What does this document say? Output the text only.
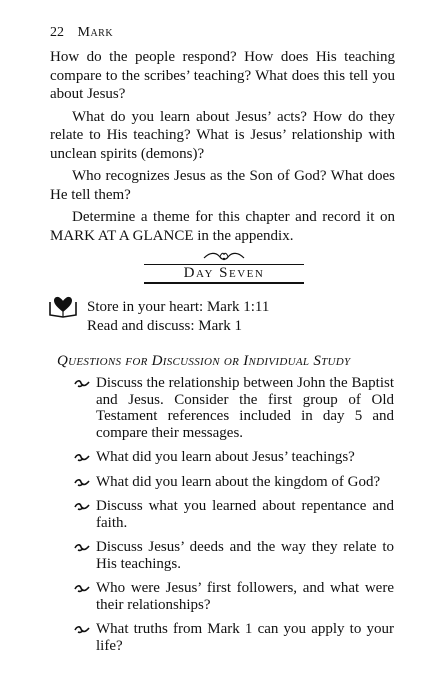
22 Mark

How do the people respond? How does His teaching compare to the scribes’ teaching? What does this tell you about Jesus?

What do you learn about Jesus’ acts? How do they relate to His teaching? What is Jesus’ relationship with unclean spirits (demons)?

Who recognizes Jesus as the Son of God? What does He tell them?

Determine a theme for this chapter and record it on MARK AT A GLANCE in the appendix.

Day Seven
Store in your heart: Mark 1:11
Read and discuss: Mark 1
Questions for Discussion or Individual Study
Discuss the relationship between John the Baptist and Jesus. Consider the first group of Old Testament references included in day 5 and compare their messages.
What did you learn about Jesus’ teachings?
What did you learn about the kingdom of God?
Discuss what you learned about repentance and faith.
Discuss Jesus’ deeds and the way they relate to His teachings.
Who were Jesus’ first followers, and what were their relationships?
What truths from Mark 1 can you apply to your life?
